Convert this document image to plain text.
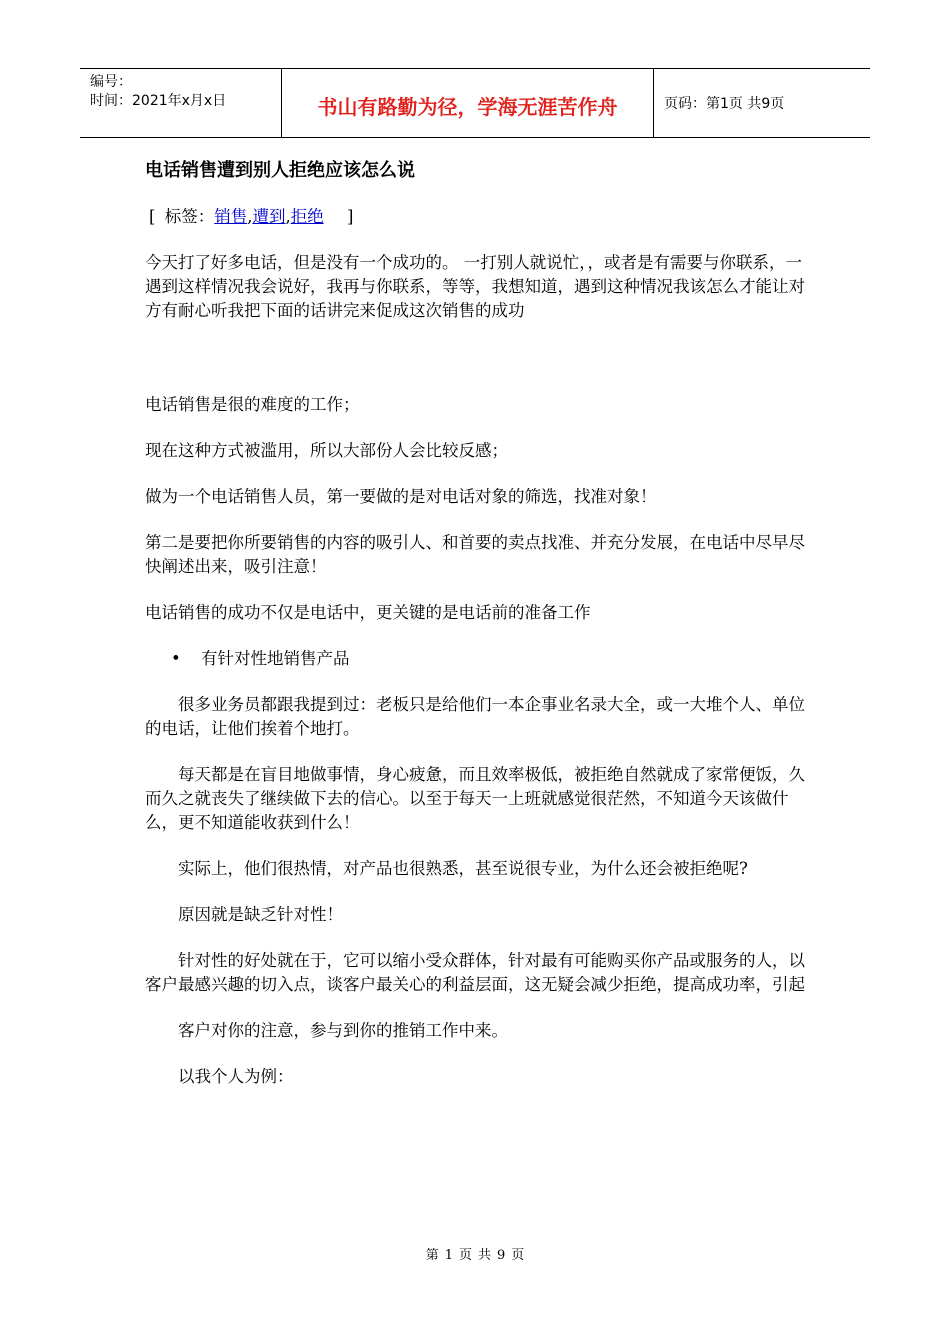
编号：
时间：2021年x月x日	书山有路勤为径，学海无涯苦作舟	页码：第1页 共9页
电话销售遭到别人拒绝应该怎么说
[ 标签：销售,遭到,拒绝 ]

今天打了好多电话，但是没有一个成功的。 一打别人就说忙，，或者是有需要与你联系，一遇到这样情况我会说好，我再与你联系，等等，我想知道，遇到这种情况我该怎么才能让对方有耐心听我把下面的话讲完来促成这次销售的成功

电话销售是很的难度的工作；

现在这种方式被滥用，所以大部份人会比较反感；

做为一个电话销售人员，第一要做的是对电话对象的筛选，找准对象！

第二是要把你所要销售的内容的吸引人、和首要的卖点找准、并充分发展，在电话中尽早尽快阐述出来，吸引注意！

电话销售的成功不仅是电话中，更关键的是电话前的准备工作

•	有针对性地销售产品

很多业务员都跟我提到过：老板只是给他们一本企事业名录大全，或一大堆个人、单位的电话，让他们挨着个地打。

每天都是在盲目地做事情，身心疲惫，而且效率极低，被拒绝自然就成了家常便饭，久而久之就丧失了继续做下去的信心。以至于每天一上班就感觉很茫然，不知道今天该做什么，更不知道能收获到什么！

实际上，他们很热情，对产品也很熟悉，甚至说很专业，为什么还会被拒绝呢?

原因就是缺乏针对性！

针对性的好处就在于，它可以缩小受众群体，针对最有可能购买你产品或服务的人，以客户最感兴趣的切入点，谈客户最关心的利益层面，这无疑会减少拒绝，提高成功率，引起

客户对你的注意，参与到你的推销工作中来。

以我个人为例：

第 1 页 共 9 页
